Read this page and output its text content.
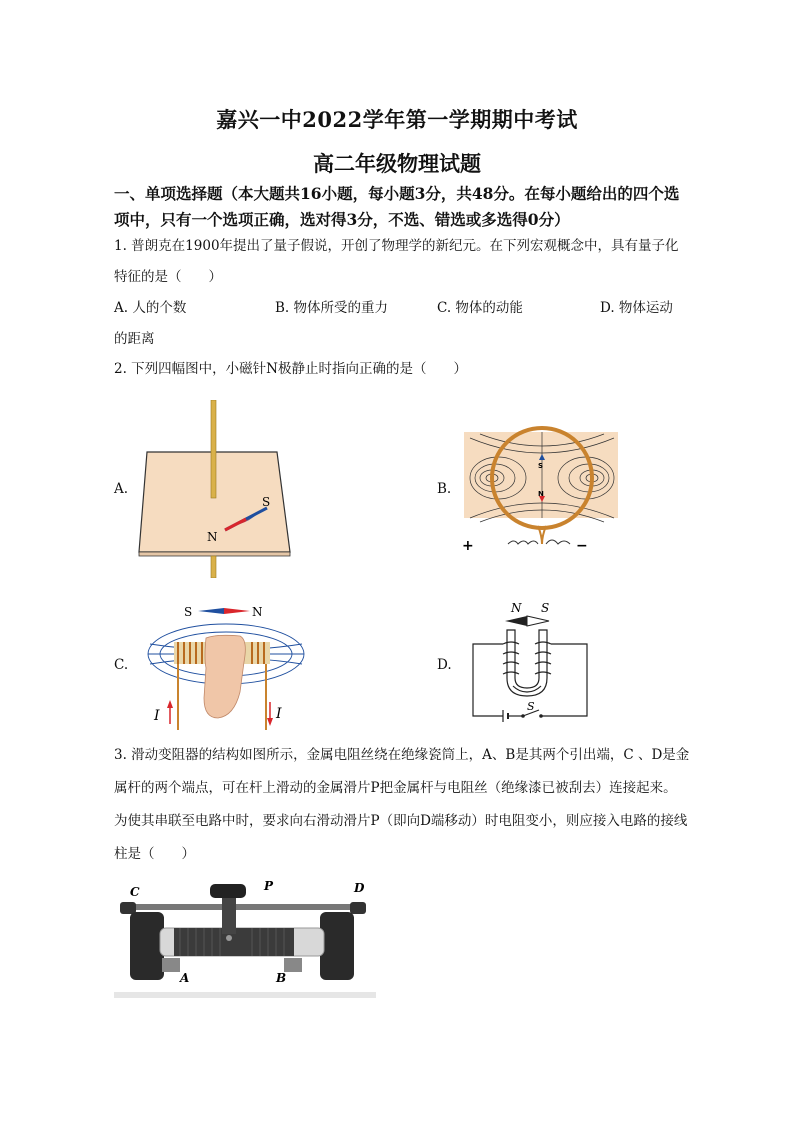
嘉兴一中2022学年第一学期期中考试
高二年级物理试题
一、单项选择题（本大题共16小题，每小题3分，共48分。在每小题给出的四个选项中，只有一个选项正确，选对得3分，不选、错选或多选得0分）
1. 普朗克在1900年提出了量子假说，开创了物理学的新纪元。在下列宏观概念中，具有量子化特征的是（　　）
A. 人的个数	B. 物体所受的重力	C. 物体的动能	D. 物体运动
的距离
2. 下列四幅图中，小磁针N极静止时指向正确的是（　　）
A.	B.
C.	D.
S
N
S
N
+	−
S	N
I	I
N S
S
3. 滑动变阻器的结构如图所示，金属电阻丝绕在绝缘瓷筒上，A、B是其两个引出端，C 、D是金属杆的两个端点，可在杆上滑动的金属滑片P把金属杆与电阻丝（绝缘漆已被刮去）连接起来。为使其串联至电路中时，要求向右滑动滑片P（即向D端移动）时电阻变小，则应接入电路的接线柱是（　　）
C	P	D
A	B
